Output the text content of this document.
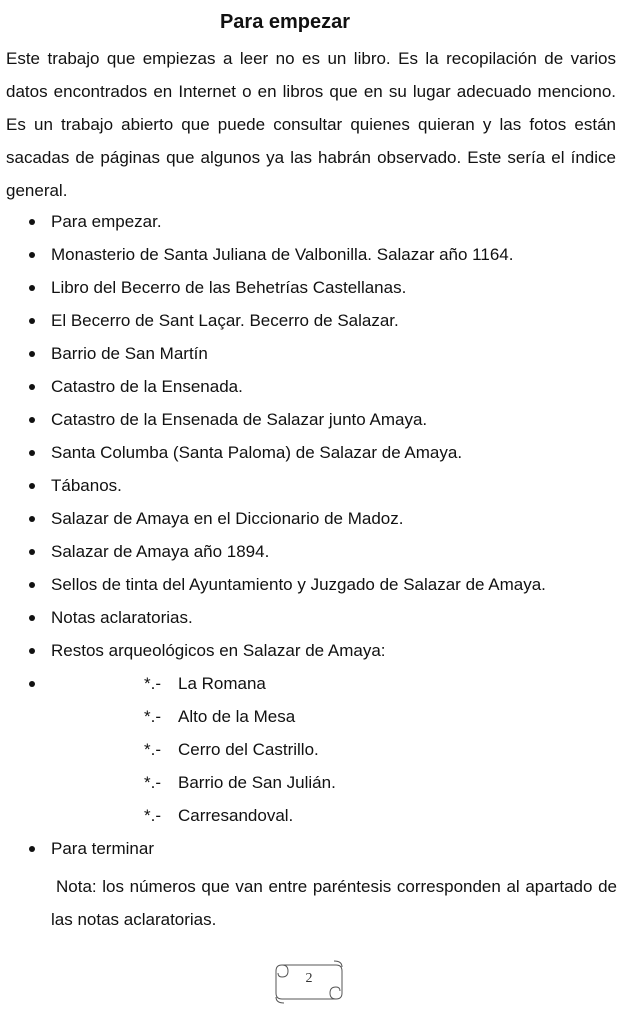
Para empezar

Este trabajo que empiezas a leer no es un libro. Es la recopilación de varios datos encontrados en Internet o en libros que en su lugar adecuado menciono. Es un trabajo abierto que puede consultar quienes quieran y las fotos están sacadas de páginas que algunos ya las habrán observado. Este sería el índice general.

Para empezar.
Monasterio de Santa Juliana de Valbonilla. Salazar año 1164.
Libro del Becerro de las Behetrías Castellanas.
El Becerro de Sant Laçar. Becerro de Salazar.
Barrio de San Martín
Catastro de la Ensenada.
Catastro de la Ensenada de Salazar junto Amaya.
Santa Columba (Santa Paloma) de Salazar de Amaya.
Tábanos.
Salazar de Amaya en el Diccionario de Madoz.
Salazar de Amaya año 1894.
Sellos de tinta del Ayuntamiento y Juzgado de Salazar de Amaya.
Notas aclaratorias.
Restos arqueológicos en Salazar de Amaya:
*.- La Romana
*.- Alto de la Mesa
*.- Cerro del Castrillo.
*.- Barrio de San Julián.
*.- Carresandoval.
Para terminar

Nota: los números que van entre paréntesis corresponden al apartado de las notas aclaratorias.

2
